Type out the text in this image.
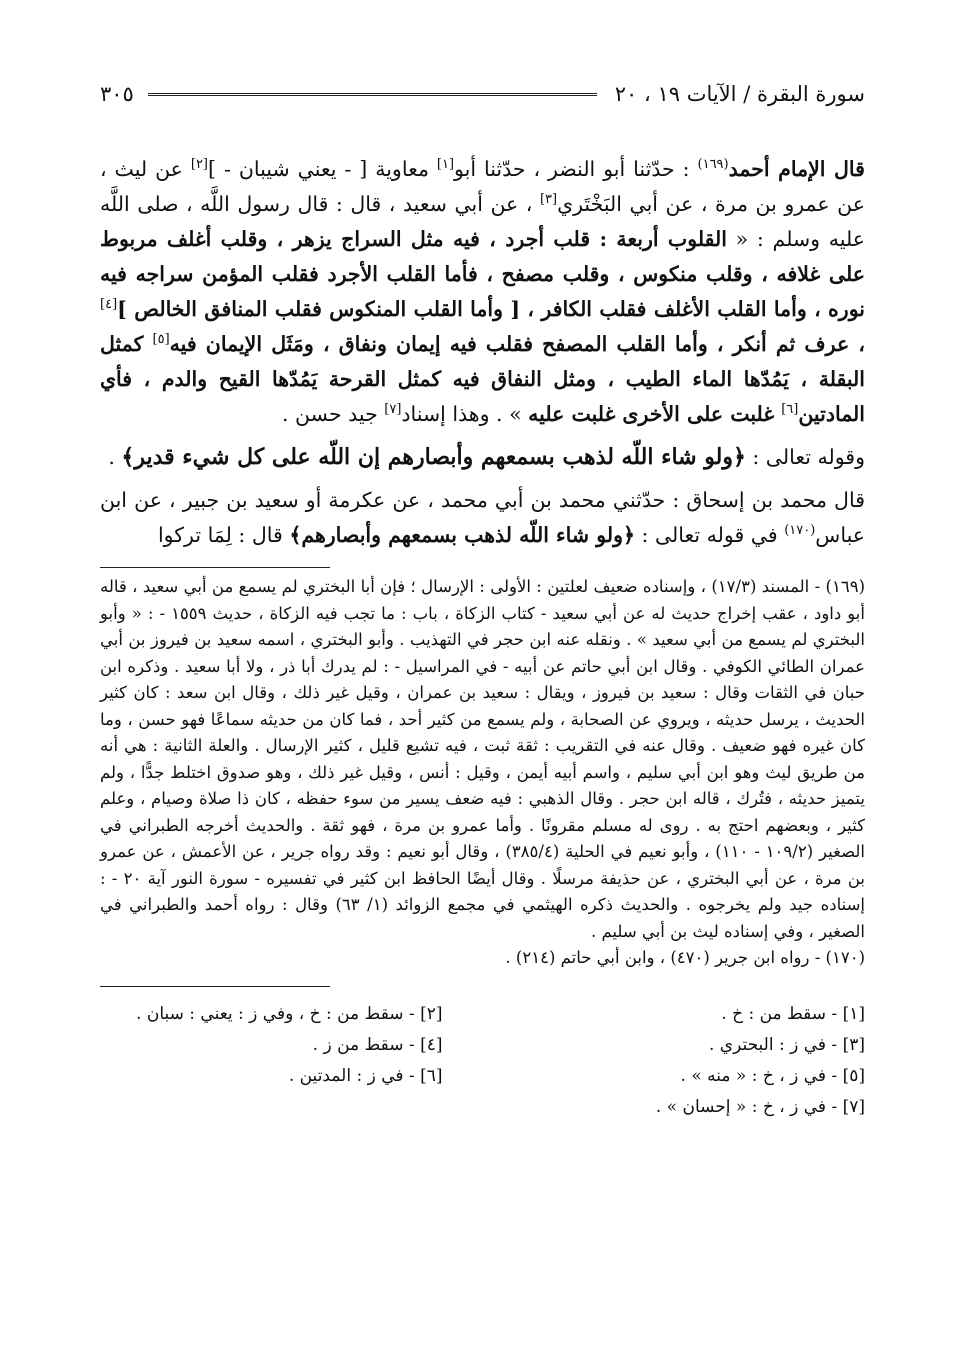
سورة البقرة / الآيات ١٩ ، ٢٠
٣٠٥

قال الإمام أحمد$^{(١٦٩)}$ : حدّثنا أبو النضر ، حدّثنا أبو[١] معاوية [ - يعني شيبان - ][٢] عن ليث ، عن عمرو بن مرة ، عن أبي البَخْتَري[٣] ، عن أبي سعيد ، قال : قال رسول اللَّه ، صلى اللَّه عليه وسلم : « القلوب أربعة : قلب أجرد ، فيه مثل السراج يزهر ، وقلب أغلف مربوط على غلافه ، وقلب منكوس ، وقلب مصفح ، فأما القلب الأجرد فقلب المؤمن سراجه فيه نوره ، وأما القلب الأغلف فقلب الكافر ، [ وأما القلب المنكوس فقلب المنافق الخالص ][٤] ، عرف ثم أنكر ، وأما القلب المصفح فقلب فيه إيمان ونفاق ، ومَثَل الإيمان فيه[٥] كمثل البقلة ، يَمُدّها الماء الطيب ، ومثل النفاق فيه كمثل القرحة يَمُدّها القيح والدم ، فأي المادتين[٦] غلبت على الأخرى غلبت عليه » . وهذا إسناد[٧] جيد حسن .

وقوله تعالى : ﴿ولو شاء اللّه لذهب بسمعهم وأبصارهم إن اللّه على كل شيء قدير﴾ .

قال محمد بن إسحاق : حدّثني محمد بن أبي محمد ، عن عكرمة أو سعيد بن جبير ، عن ابن عباس$^{(١٧٠)}$ في قوله تعالى : ﴿ولو شاء اللّه لذهب بسمعهم وأبصارهم﴾ قال : لِمَا تركوا

(١٦٩) - المسند (١٧/٣) ، وإسناده ضعيف لعلتين : الأولى : الإرسال ؛ فإن أبا البختري لم يسمع من أبي سعيد ، قاله أبو داود ، عقب إخراج حديث له عن أبي سعيد - كتاب الزكاة ، باب : ما تجب فيه الزكاة ، حديث ١٥٥٩ - : « وأبو البختري لم يسمع من أبي سعيد » . ونقله عنه ابن حجر في التهذيب . وأبو البختري ، اسمه سعيد بن فيروز بن أبي عمران الطائي الكوفي . وقال ابن أبي حاتم عن أبيه - في المراسيل - : لم يدرك أبا ذر ، ولا أبا سعيد . وذكره ابن حبان في الثقات وقال : سعيد بن فيروز ، ويقال : سعيد بن عمران ، وقيل غير ذلك ، وقال ابن سعد : كان كثير الحديث ، يرسل حديثه ، ويروي عن الصحابة ، ولم يسمع من كثير أحد ، فما كان من حديثه سماعًا فهو حسن ، وما كان غيره فهو ضعيف . وقال عنه في التقريب : ثقة ثبت ، فيه تشيع قليل ، كثير الإرسال . والعلة الثانية : هي أنه من طريق ليث وهو ابن أبي سليم ، واسم أبيه أيمن ، وقيل : أنس ، وقيل غير ذلك ، وهو صدوق اختلط جدًّا ، ولم يتميز حديثه ، فتُرك ، قاله ابن حجر . وقال الذهبي : فيه ضعف يسير من سوء حفظه ، كان ذا صلاة وصيام ، وعلم كثير ، وبعضهم احتج به . روى له مسلم مقرونًا . وأما عمرو بن مرة ، فهو ثقة . والحديث أخرجه الطبراني في الصغير (١٠٩/٢ - ١١٠) ، وأبو نعيم في الحلية (٣٨٥/٤) ، وقال أبو نعيم : وقد رواه جرير ، عن الأعمش ، عن عمرو بن مرة ، عن أبي البختري ، عن حذيفة مرسلًا . وقال أيضًا الحافظ ابن كثير في تفسيره - سورة النور آية ٢٠ - : إسناده جيد ولم يخرجوه . والحديث ذكره الهيثمي في مجمع الزوائد (١/ ٦٣) وقال : رواه أحمد والطبراني في الصغير ، وفي إسناده ليث بن أبي سليم .

(١٧٠) - رواه ابن جرير (٤٧٠) ، وابن أبي حاتم (٢١٤) .

[١] - سقط من : خ .
[٢] - سقط من : خ ، وفي ز : يعني : سبان .
[٣] - في ز : البحتري .
[٤] - سقط من ز .
[٥] - في ز ، خ : « منه » .
[٦] - في ز : المدتين .
[٧] - في ز ، خ : « إحسان » .
